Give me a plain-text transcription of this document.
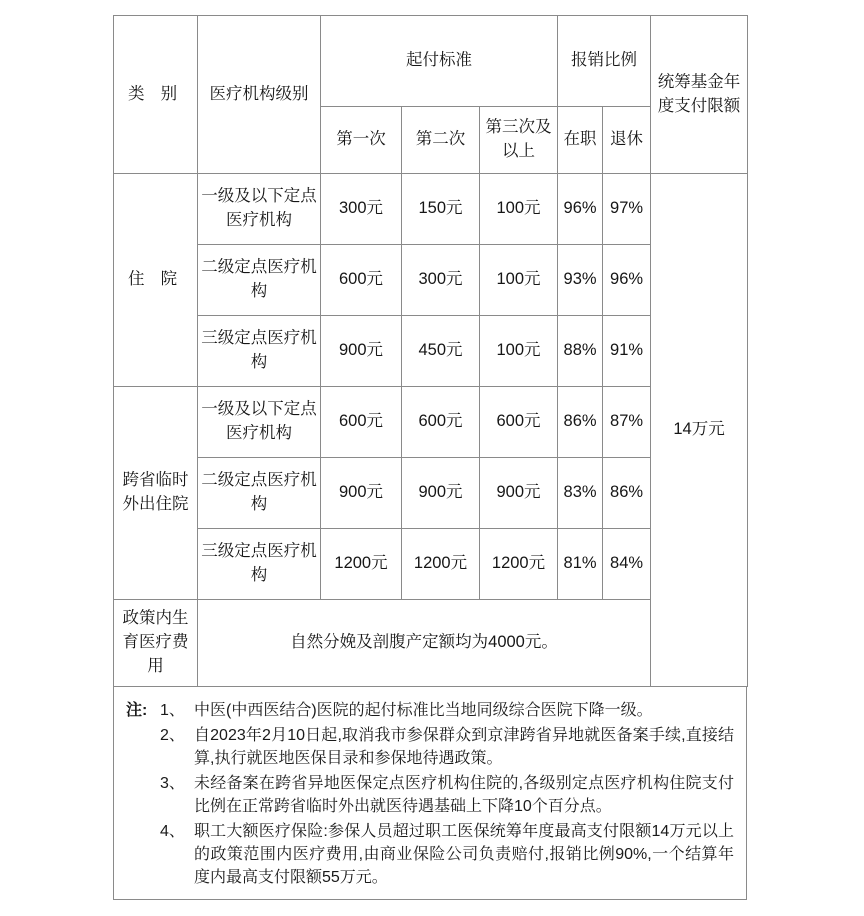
类 别	医疗机构级别	起付标准			报销比例		统筹基金年度支付限额
		第一次	第二次	第三次及以上	在职	退休	
住 院	一级及以下定点医疗机构	300元	150元	100元	96%	97%	14万元
	二级定点医疗机构	600元	300元	100元	93%	96%	
	三级定点医疗机构	900元	450元	100元	88%	91%	
跨省临时外出住院	一级及以下定点医疗机构	600元	600元	600元	86%	87%	
	二级定点医疗机构	900元	900元	900元	83%	86%	
	三级定点医疗机构	1200元	1200元	1200元	81%	84%	
政策内生育医疗费用	自然分娩及剖腹产定额均为4000元。						
注: 1、 中医(中西医结合)医院的起付标准比当地同级综合医院下降一级。
2、 自2023年2月10日起,取消我市参保群众到京津跨省异地就医备案手续,直接结算,执行就医地医保目录和参保地待遇政策。
3、 未经备案在跨省异地医保定点医疗机构住院的,各级别定点医疗机构住院支付比例在正常跨省临时外出就医待遇基础上下降10个百分点。
4、 职工大额医疗保险:参保人员超过职工医保统筹年度最高支付限额14万元以上的政策范围内医疗费用,由商业保险公司负责赔付,报销比例90%,一个结算年度内最高支付限额55万元。
